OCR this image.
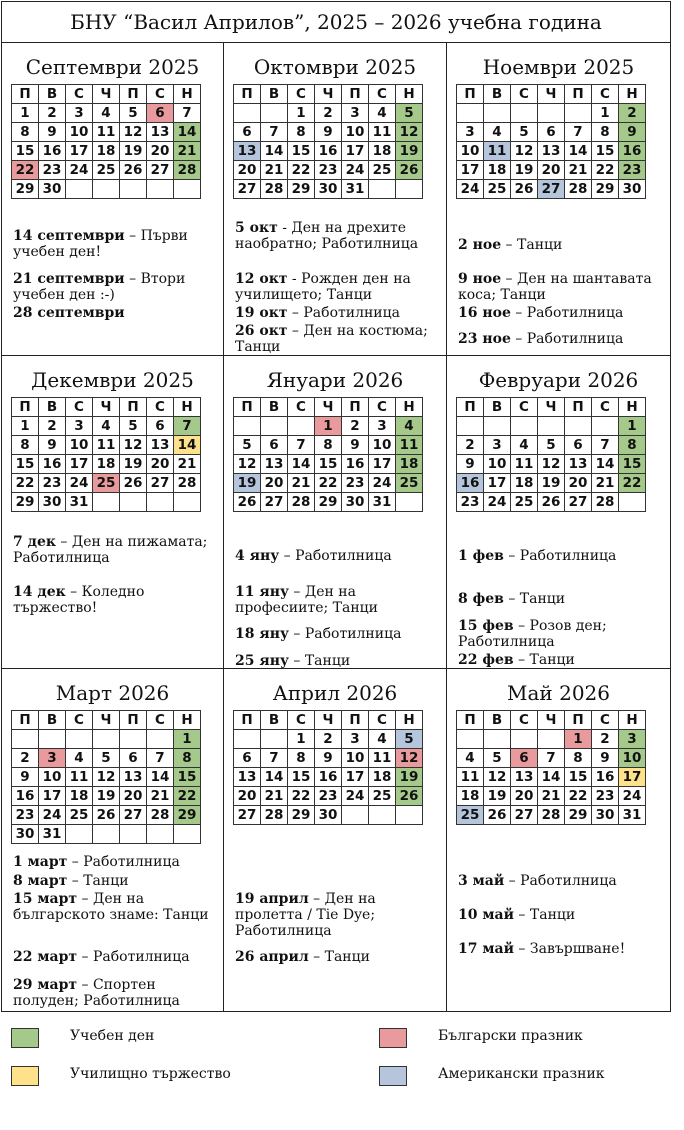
БНУ “Васил Априлов”, 2025 – 2026 учебна година
Септември 2025
П	В	С	Ч	П	С	Н
1	2	3	4	5	6	7
8	9	10	11	12	13	14
15	16	17	18	19	20	21
22	23	24	25	26	27	28
29	30					
14 септември – Първи учебен ден!
21 септември – Втори учебен ден :-)
28 септември
Октомври 2025
П	В	С	Ч	П	С	Н
		1	2	3	4	5
6	7	8	9	10	11	12
13	14	15	16	17	18	19
20	21	22	23	24	25	26
27	28	29	30	31		
5 окт - Ден на дрехите наобратно; Работилница
12 окт - Рожден ден на училището; Танци
19 окт – Работилница
26 окт – Ден на костюма; Танци
Ноември 2025
П	В	С	Ч	П	С	Н
					1	2
3	4	5	6	7	8	9
10	11	12	13	14	15	16
17	18	19	20	21	22	23
24	25	26	27	28	29	30
2 ное – Танци
9 ное – Ден на шантавата коса; Танци
16 ное – Работилница
23 ное – Работилница
Декември 2025
П	В	С	Ч	П	С	Н
1	2	3	4	5	6	7
8	9	10	11	12	13	14
15	16	17	18	19	20	21
22	23	24	25	26	27	28
29	30	31				
7 дек – Ден на пижамата; Работилница
14 дек – Коледно тържество!
Януари 2026
П	В	С	Ч	П	С	Н
			1	2	3	4
5	6	7	8	9	10	11
12	13	14	15	16	17	18
19	20	21	22	23	24	25
26	27	28	29	30	31	
4 яну – Работилница
11 яну – Ден на професиите; Танци
18 яну – Работилница
25 яну – Танци
Февруари 2026
П	В	С	Ч	П	С	Н
						1
2	3	4	5	6	7	8
9	10	11	12	13	14	15
16	17	18	19	20	21	22
23	24	25	26	27	28	
1 фев – Работилница
8 фев – Танци
15 фев – Розов ден; Работилница
22 фев – Танци
Март 2026
П	В	С	Ч	П	С	Н
						1
2	3	4	5	6	7	8
9	10	11	12	13	14	15
16	17	18	19	20	21	22
23	24	25	26	27	28	29
30	31					
1 март – Работилница
8 март – Танци
15 март – Ден на българското знаме: Танци
22 март – Работилница
29 март – Спортен полуден; Работилница
Април 2026
П	В	С	Ч	П	С	Н
		1	2	3	4	5
6	7	8	9	10	11	12
13	14	15	16	17	18	19
20	21	22	23	24	25	26
27	28	29	30			
19 април – Ден на пролетта / Tie Dye; Работилница
26 април – Танци
Май 2026
П	В	С	Ч	П	С	Н
				1	2	3
4	5	6	7	8	9	10
11	12	13	14	15	16	17
18	19	20	21	22	23	24
25	26	27	28	29	30	31
3 май – Работилница
10 май – Танци
17 май – Завършване!
Учебен ден	Български празник
Училищно тържество	Американски празник
